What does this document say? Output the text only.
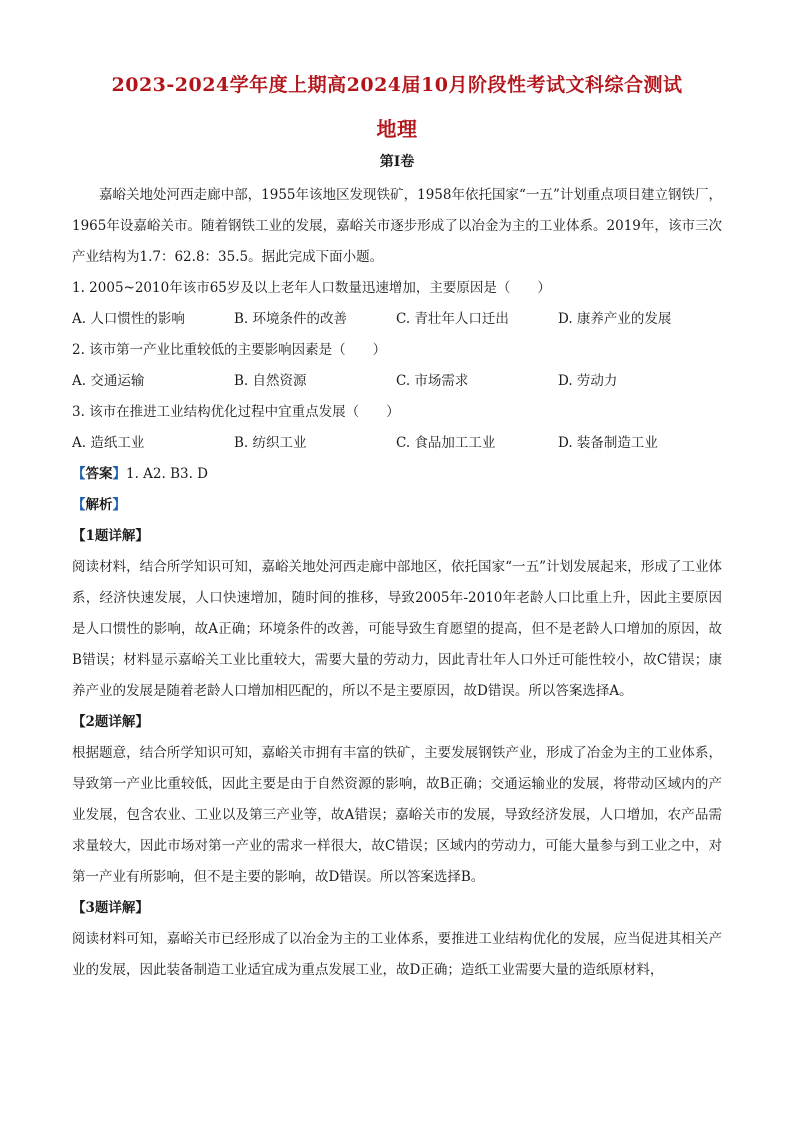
2023-2024学年度上期高2024届10月阶段性考试文科综合测试
地理
第Ⅰ卷

嘉峪关地处河西走廊中部，1955年该地区发现铁矿，1958年依托国家“一五”计划重点项目建立钢铁厂，1965年设嘉峪关市。随着钢铁工业的发展，嘉峪关市逐步形成了以冶金为主的工业体系。2019年，该市三次产业结构为1.7：62.8：35.5。据此完成下面小题。

1. 2005~2010年该市65岁及以上老年人口数量迅速增加，主要原因是（　　）

A. 人口惯性的影响	B. 环境条件的改善	C. 青壮年人口迁出	D. 康养产业的发展

2. 该市第一产业比重较低的主要影响因素是（　　）

A. 交通运输	B. 自然资源	C. 市场需求	D. 劳动力

3. 该市在推进工业结构优化过程中宜重点发展（　　）

A. 造纸工业	B. 纺织工业	C. 食品加工工业	D. 装备制造工业

【答案】1. A2. B3. D

【解析】

【1题详解】

阅读材料，结合所学知识可知，嘉峪关地处河西走廊中部地区，依托国家“一五”计划发展起来，形成了工业体系，经济快速发展，人口快速增加，随时间的推移，导致2005年-2010年老龄人口比重上升，因此主要原因是人口惯性的影响，故A正确；环境条件的改善，可能导致生育愿望的提高，但不是老龄人口增加的原因，故B错误；材料显示嘉峪关工业比重较大，需要大量的劳动力，因此青壮年人口外迁可能性较小，故C错误；康养产业的发展是随着老龄人口增加相匹配的，所以不是主要原因，故D错误。所以答案选择A。

【2题详解】

根据题意，结合所学知识可知，嘉峪关市拥有丰富的铁矿，主要发展钢铁产业，形成了冶金为主的工业体系，导致第一产业比重较低，因此主要是由于自然资源的影响，故B正确；交通运输业的发展，将带动区域内的产业发展，包含农业、工业以及第三产业等，故A错误；嘉峪关市的发展，导致经济发展，人口增加，农产品需求量较大，因此市场对第一产业的需求一样很大，故C错误；区域内的劳动力，可能大量参与到工业之中，对第一产业有所影响，但不是主要的影响，故D错误。所以答案选择B。

【3题详解】

阅读材料可知，嘉峪关市已经形成了以冶金为主的工业体系，要推进工业结构优化的发展，应当促进其相关产业的发展，因此装备制造工业适宜成为重点发展工业，故D正确；造纸工业需要大量的造纸原材料，
